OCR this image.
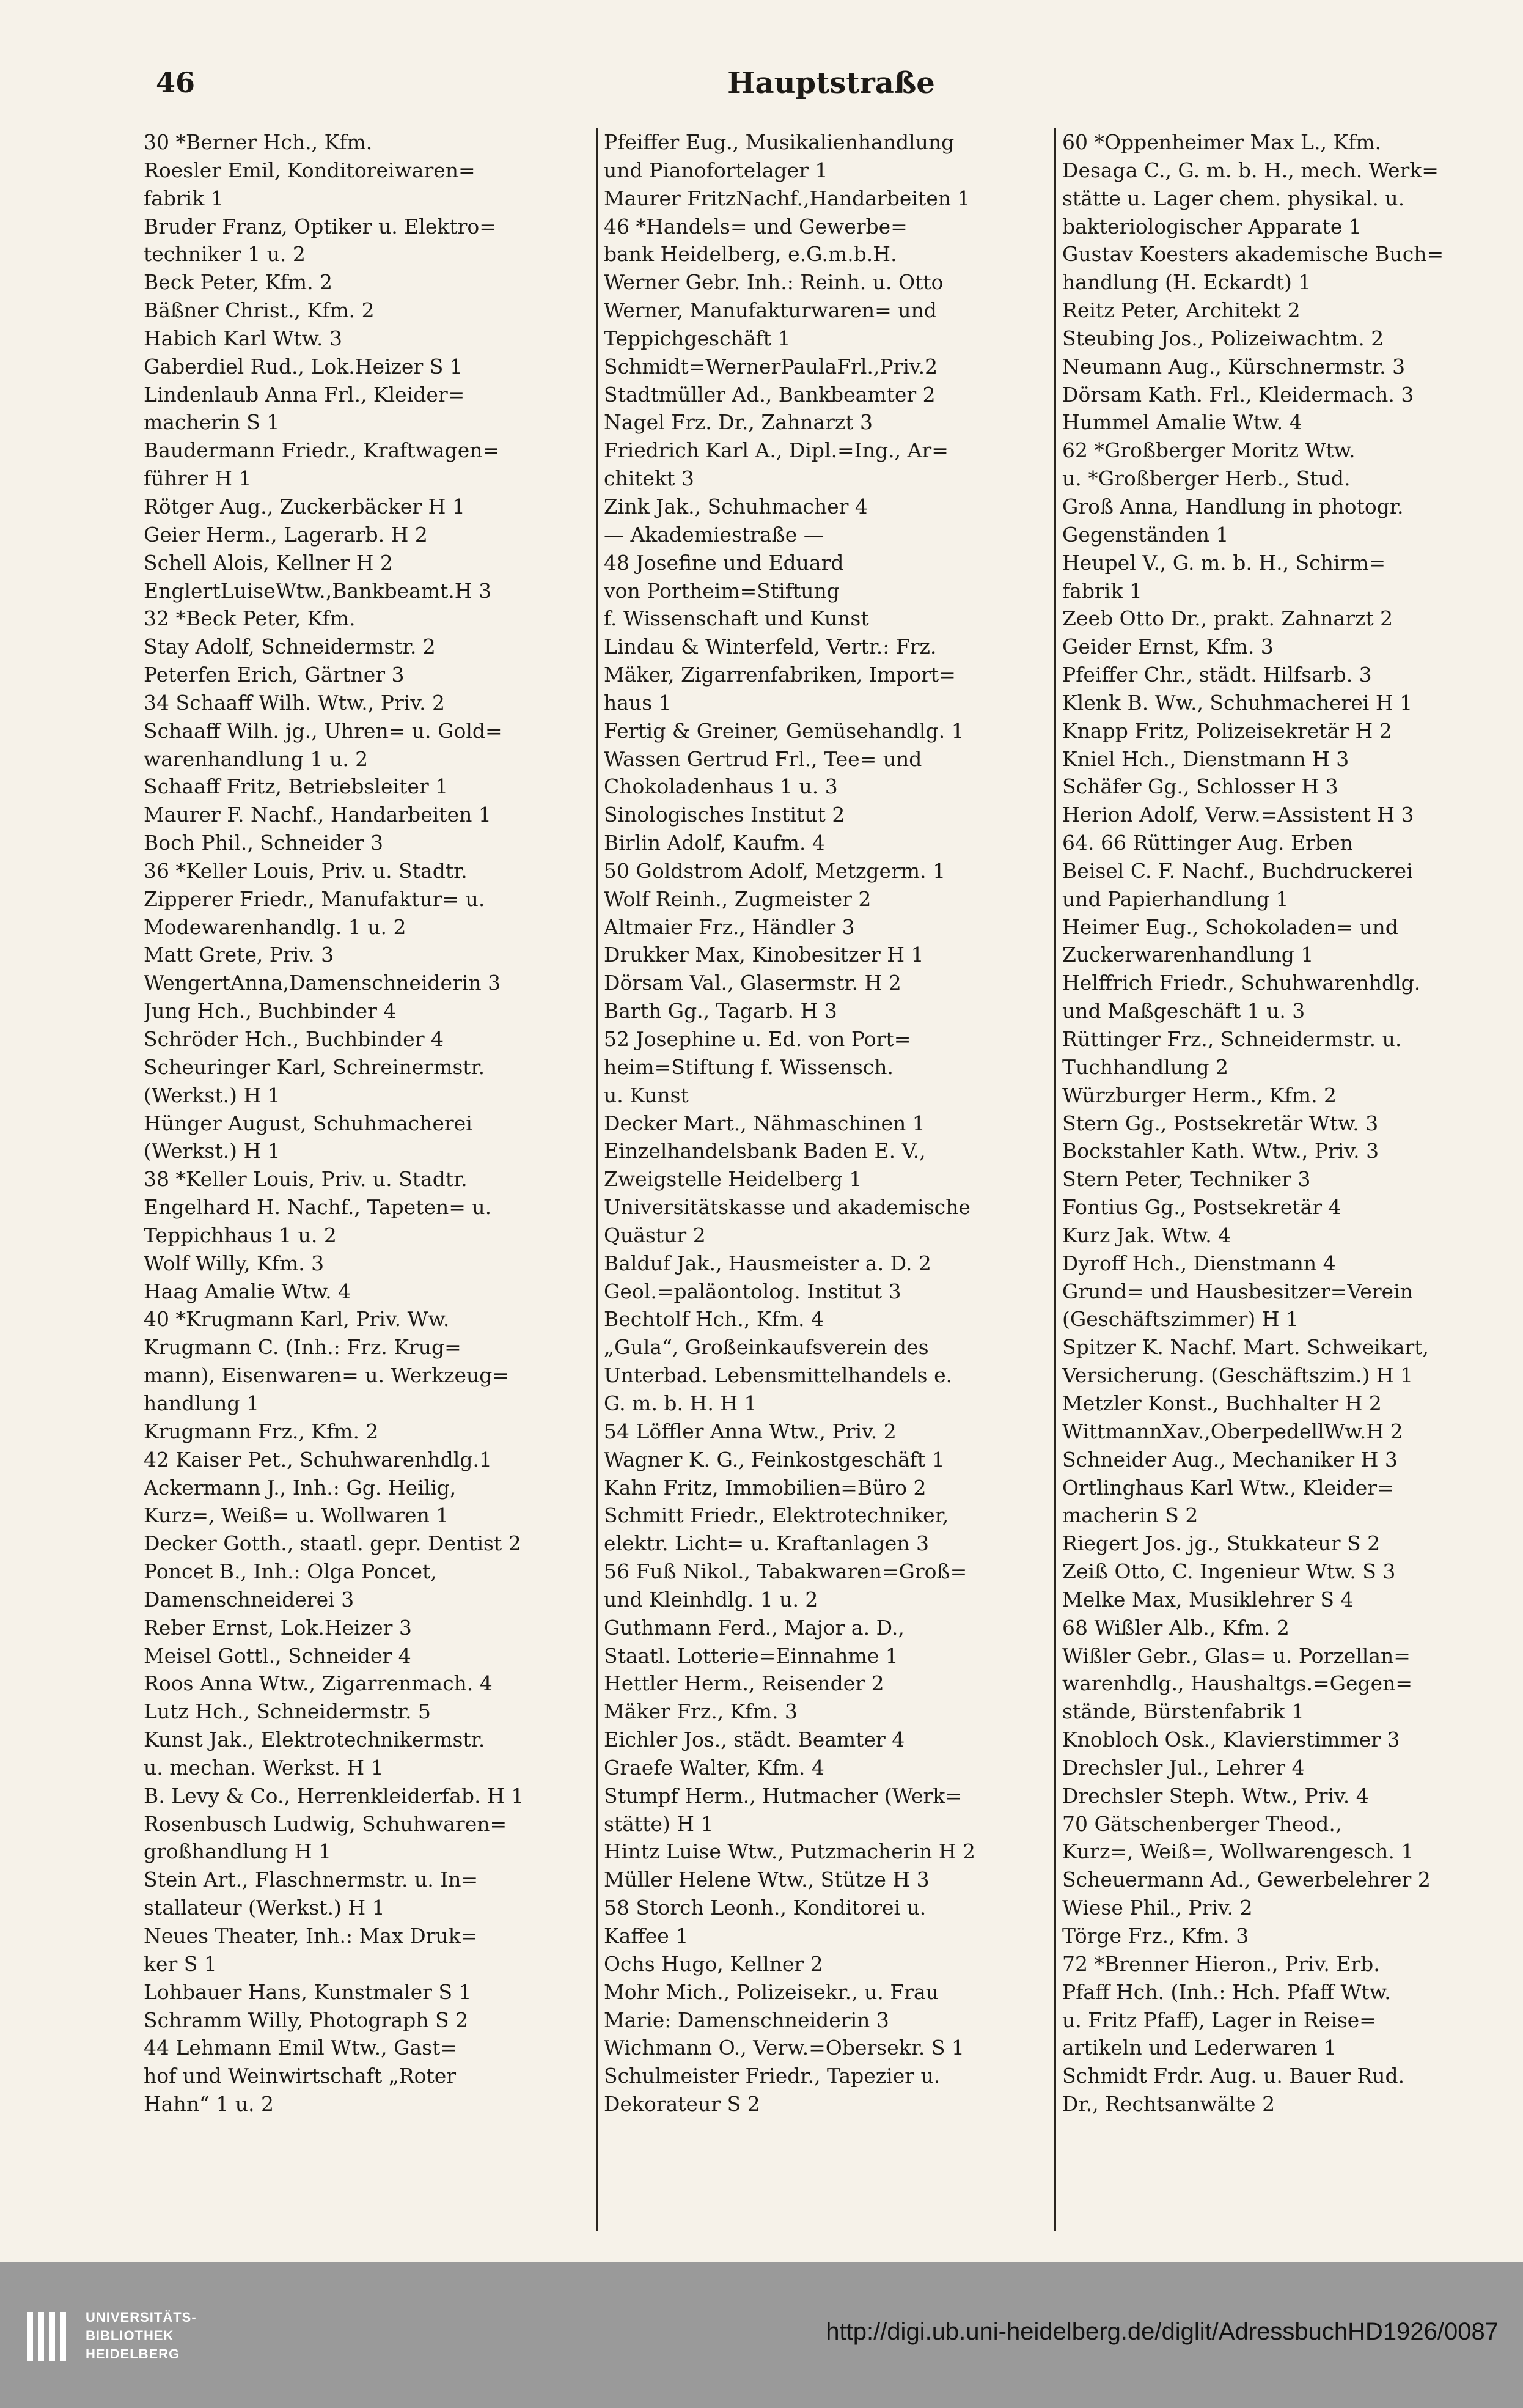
46	Hauptstraße
30 *Berner Hch., Kfm.
Roesler Emil, Konditoreiwaren=
fabrik 1
Bruder Franz, Optiker u. Elektro=
techniker 1 u. 2
Beck Peter, Kfm. 2
Bäßner Christ., Kfm. 2
Habich Karl Wtw. 3
Gaberdiel Rud., Lok.Heizer S 1
Lindenlaub Anna Frl., Kleider=
macherin S 1
Baudermann Friedr., Kraftwagen=
führer H 1
Rötger Aug., Zuckerbäcker H 1
Geier Herm., Lagerarb. H 2
Schell Alois, Kellner H 2
EnglertLuiseWtw.,Bankbeamt.H 3
32 *Beck Peter, Kfm.
Stay Adolf, Schneidermstr. 2
Peterfen Erich, Gärtner 3
34 Schaaff Wilh. Wtw., Priv. 2
Schaaff Wilh. jg., Uhren= u. Gold=
warenhandlung 1 u. 2
Schaaff Fritz, Betriebsleiter 1
Maurer F. Nachf., Handarbeiten 1
Boch Phil., Schneider 3
36 *Keller Louis, Priv. u. Stadtr.
Zipperer Friedr., Manufaktur= u.
Modewarenhandlg. 1 u. 2
Matt Grete, Priv. 3
WengertAnna,Damenschneiderin 3
Jung Hch., Buchbinder 4
Schröder Hch., Buchbinder 4
Scheuringer Karl, Schreinermstr.
(Werkst.) H 1
Hünger August, Schuhmacherei
(Werkst.) H 1
38 *Keller Louis, Priv. u. Stadtr.
Engelhard H. Nachf., Tapeten= u.
Teppichhaus 1 u. 2
Wolf Willy, Kfm. 3
Haag Amalie Wtw. 4
40 *Krugmann Karl, Priv. Ww.
Krugmann C. (Inh.: Frz. Krug=
mann), Eisenwaren= u. Werkzeug=
handlung 1
Krugmann Frz., Kfm. 2
42 Kaiser Pet., Schuhwarenhdlg.1
Ackermann J., Inh.: Gg. Heilig,
Kurz=, Weiß= u. Wollwaren 1
Decker Gotth., staatl. gepr. Dentist 2
Poncet B., Inh.: Olga Poncet,
Damenschneiderei 3
Reber Ernst, Lok.Heizer 3
Meisel Gottl., Schneider 4
Roos Anna Wtw., Zigarrenmach. 4
Lutz Hch., Schneidermstr. 5
Kunst Jak., Elektrotechnikermstr.
u. mechan. Werkst. H 1
B. Levy & Co., Herrenkleiderfab. H 1
Rosenbusch Ludwig, Schuhwaren=
großhandlung H 1
Stein Art., Flaschnermstr. u. In=
stallateur (Werkst.) H 1
Neues Theater, Inh.: Max Druk=
ker S 1
Lohbauer Hans, Kunstmaler S 1
Schramm Willy, Photograph S 2
44 Lehmann Emil Wtw., Gast=
hof und Weinwirtschaft „Roter
Hahn“ 1 u. 2
Pfeiffer Eug., Musikalienhandlung
und Pianofortelager 1
Maurer FritzNachf.,Handarbeiten 1
46 *Handels= und Gewerbe=
bank Heidelberg, e.G.m.b.H.
Werner Gebr. Inh.: Reinh. u. Otto
Werner, Manufakturwaren= und
Teppichgeschäft 1
Schmidt=WernerPaulaFrl.,Priv.2
Stadtmüller Ad., Bankbeamter 2
Nagel Frz. Dr., Zahnarzt 3
Friedrich Karl A., Dipl.=Ing., Ar=
chitekt 3
Zink Jak., Schuhmacher 4
— Akademiestraße —
48 Josefine und Eduard
von Portheim=Stiftung
f. Wissenschaft und Kunst
Lindau & Winterfeld, Vertr.: Frz.
Mäker, Zigarrenfabriken, Import=
haus 1
Fertig & Greiner, Gemüsehandlg. 1
Wassen Gertrud Frl., Tee= und
Chokoladenhaus 1 u. 3
Sinologisches Institut 2
Birlin Adolf, Kaufm. 4
50 Goldstrom Adolf, Metzgerm. 1
Wolf Reinh., Zugmeister 2
Altmaier Frz., Händler 3
Drukker Max, Kinobesitzer H 1
Dörsam Val., Glasermstr. H 2
Barth Gg., Tagarb. H 3
52 Josephine u. Ed. von Port=
heim=Stiftung f. Wissensch.
u. Kunst
Decker Mart., Nähmaschinen 1
Einzelhandelsbank Baden E. V.,
Zweigstelle Heidelberg 1
Universitätskasse und akademische
Quästur 2
Balduf Jak., Hausmeister a. D. 2
Geol.=paläontolog. Institut 3
Bechtolf Hch., Kfm. 4
„Gula“, Großeinkaufsverein des
Unterbad. Lebensmittelhandels e.
G. m. b. H. H 1
54 Löffler Anna Wtw., Priv. 2
Wagner K. G., Feinkostgeschäft 1
Kahn Fritz, Immobilien=Büro 2
Schmitt Friedr., Elektrotechniker,
elektr. Licht= u. Kraftanlagen 3
56 Fuß Nikol., Tabakwaren=Groß=
und Kleinhdlg. 1 u. 2
Guthmann Ferd., Major a. D.,
Staatl. Lotterie=Einnahme 1
Hettler Herm., Reisender 2
Mäker Frz., Kfm. 3
Eichler Jos., städt. Beamter 4
Graefe Walter, Kfm. 4
Stumpf Herm., Hutmacher (Werk=
stätte) H 1
Hintz Luise Wtw., Putzmacherin H 2
Müller Helene Wtw., Stütze H 3
58 Storch Leonh., Konditorei u.
Kaffee 1
Ochs Hugo, Kellner 2
Mohr Mich., Polizeisekr., u. Frau
Marie: Damenschneiderin 3
Wichmann O., Verw.=Obersekr. S 1
Schulmeister Friedr., Tapezier u.
Dekorateur S 2
60 *Oppenheimer Max L., Kfm.
Desaga C., G. m. b. H., mech. Werk=
stätte u. Lager chem. physikal. u.
bakteriologischer Apparate 1
Gustav Koesters akademische Buch=
handlung (H. Eckardt) 1
Reitz Peter, Architekt 2
Steubing Jos., Polizeiwachtm. 2
Neumann Aug., Kürschnermstr. 3
Dörsam Kath. Frl., Kleidermach. 3
Hummel Amalie Wtw. 4
62 *Großberger Moritz Wtw.
u. *Großberger Herb., Stud.
Groß Anna, Handlung in photogr.
Gegenständen 1
Heupel V., G. m. b. H., Schirm=
fabrik 1
Zeeb Otto Dr., prakt. Zahnarzt 2
Geider Ernst, Kfm. 3
Pfeiffer Chr., städt. Hilfsarb. 3
Klenk B. Ww., Schuhmacherei H 1
Knapp Fritz, Polizeisekretär H 2
Kniel Hch., Dienstmann H 3
Schäfer Gg., Schlosser H 3
Herion Adolf, Verw.=Assistent H 3
64. 66 Rüttinger Aug. Erben
Beisel C. F. Nachf., Buchdruckerei
und Papierhandlung 1
Heimer Eug., Schokoladen= und
Zuckerwarenhandlung 1
Helffrich Friedr., Schuhwarenhdlg.
und Maßgeschäft 1 u. 3
Rüttinger Frz., Schneidermstr. u.
Tuchhandlung 2
Würzburger Herm., Kfm. 2
Stern Gg., Postsekretär Wtw. 3
Bockstahler Kath. Wtw., Priv. 3
Stern Peter, Techniker 3
Fontius Gg., Postsekretär 4
Kurz Jak. Wtw. 4
Dyroff Hch., Dienstmann 4
Grund= und Hausbesitzer=Verein
(Geschäftszimmer) H 1
Spitzer K. Nachf. Mart. Schweikart,
Versicherung. (Geschäftszim.) H 1
Metzler Konst., Buchhalter H 2
WittmannXav.,OberpedellWw.H 2
Schneider Aug., Mechaniker H 3
Ortlinghaus Karl Wtw., Kleider=
macherin S 2
Riegert Jos. jg., Stukkateur S 2
Zeiß Otto, C. Ingenieur Wtw. S 3
Melke Max, Musiklehrer S 4
68 Wißler Alb., Kfm. 2
Wißler Gebr., Glas= u. Porzellan=
warenhdlg., Haushaltgs.=Gegen=
stände, Bürstenfabrik 1
Knobloch Osk., Klavierstimmer 3
Drechsler Jul., Lehrer 4
Drechsler Steph. Wtw., Priv. 4
70 Gätschenberger Theod.,
Kurz=, Weiß=, Wollwarengesch. 1
Scheuermann Ad., Gewerbelehrer 2
Wiese Phil., Priv. 2
Törge Frz., Kfm. 3
72 *Brenner Hieron., Priv. Erb.
Pfaff Hch. (Inh.: Hch. Pfaff Wtw.
u. Fritz Pfaff), Lager in Reise=
artikeln und Lederwaren 1
Schmidt Frdr. Aug. u. Bauer Rud.
Dr., Rechtsanwälte 2
UNIVERSITÄTS-
BIBLIOTHEK
HEIDELBERG
http://digi.ub.uni-heidelberg.de/diglit/AdressbuchHD1926/0087
